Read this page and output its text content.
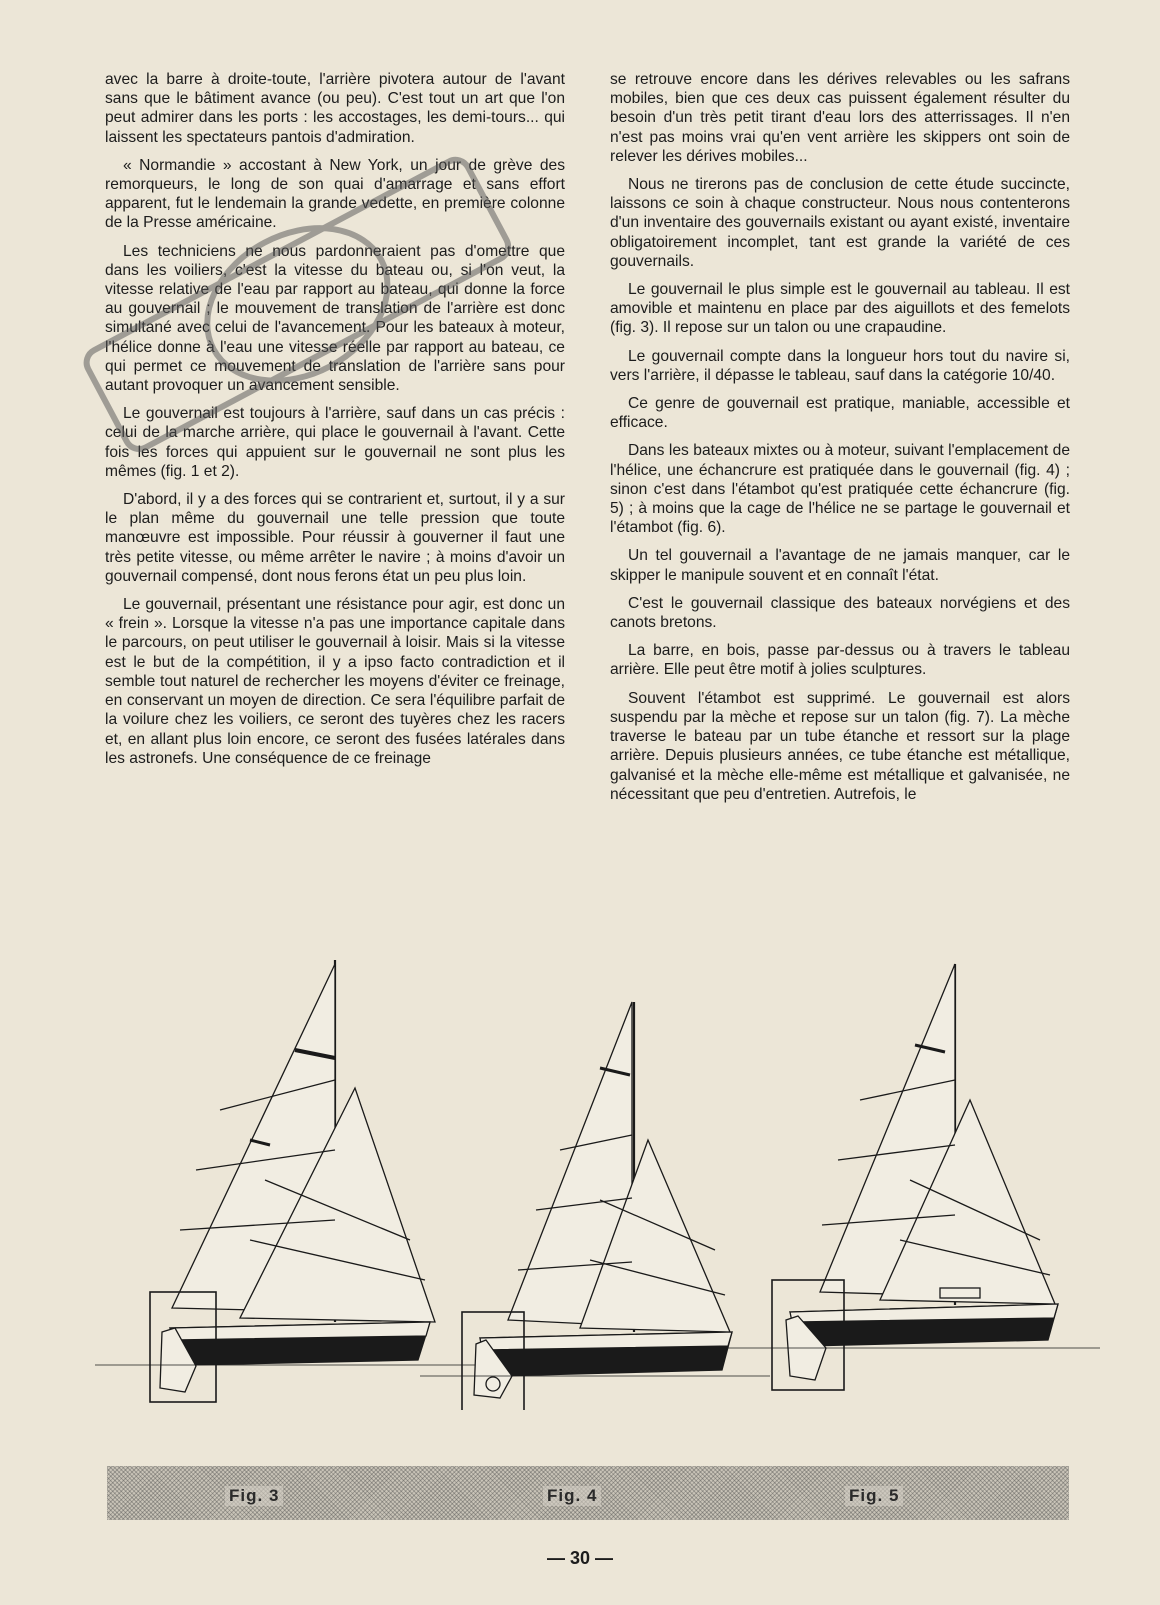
avec la barre à droite-toute, l'arrière pivotera autour de l'avant sans que le bâtiment avance (ou peu). C'est tout un art que l'on peut admirer dans les ports : les accostages, les demi-tours... qui laissent les spectateurs pantois d'admiration.

« Normandie » accostant à New York, un jour de grève des remorqueurs, le long de son quai d'amarrage et sans effort apparent, fut le lendemain la grande vedette, en première colonne de la Presse américaine.

Les techniciens ne nous pardonneraient pas d'omettre que dans les voiliers, c'est la vitesse du bateau ou, si l'on veut, la vitesse relative de l'eau par rapport au bateau, qui donne la force au gouvernail ; le mouvement de translation de l'arrière est donc simultané avec celui de l'avancement. Pour les bateaux à moteur, l'hélice donne à l'eau une vitesse réelle par rapport au bateau, ce qui permet ce mouvement de translation de l'arrière sans pour autant provoquer un avancement sensible.

Le gouvernail est toujours à l'arrière, sauf dans un cas précis : celui de la marche arrière, qui place le gouvernail à l'avant. Cette fois les forces qui appuient sur le gouvernail ne sont plus les mêmes (fig. 1 et 2).

D'abord, il y a des forces qui se contrarient et, surtout, il y a sur le plan même du gouvernail une telle pression que toute manœuvre est impossible. Pour réussir à gouverner il faut une très petite vitesse, ou même arrêter le navire ; à moins d'avoir un gouvernail compensé, dont nous ferons état un peu plus loin.

Le gouvernail, présentant une résistance pour agir, est donc un « frein ». Lorsque la vitesse n'a pas une importance capitale dans le parcours, on peut utiliser le gouvernail à loisir. Mais si la vitesse est le but de la compétition, il y a ipso facto contradiction et il semble tout naturel de rechercher les moyens d'éviter ce freinage, en conservant un moyen de direction. Ce sera l'équilibre parfait de la voilure chez les voiliers, ce seront des tuyères chez les racers et, en allant plus loin encore, ce seront des fusées latérales dans les astronefs. Une conséquence de ce freinage

se retrouve encore dans les dérives relevables ou les safrans mobiles, bien que ces deux cas puissent également résulter du besoin d'un très petit tirant d'eau lors des atterrissages. Il n'en n'est pas moins vrai qu'en vent arrière les skippers ont soin de relever les dérives mobiles...

Nous ne tirerons pas de conclusion de cette étude succincte, laissons ce soin à chaque constructeur. Nous nous contenterons d'un inventaire des gouvernails existant ou ayant existé, inventaire obligatoirement incomplet, tant est grande la variété de ces gouvernails.

Le gouvernail le plus simple est le gouvernail au tableau. Il est amovible et maintenu en place par des aiguillots et des femelots (fig. 3). Il repose sur un talon ou une crapaudine.

Le gouvernail compte dans la longueur hors tout du navire si, vers l'arrière, il dépasse le tableau, sauf dans la catégorie 10/40.

Ce genre de gouvernail est pratique, maniable, accessible et efficace.

Dans les bateaux mixtes ou à moteur, suivant l'emplacement de l'hélice, une échancrure est pratiquée dans le gouvernail (fig. 4) ; sinon c'est dans l'étambot qu'est pratiquée cette échancrure (fig. 5) ; à moins que la cage de l'hélice ne se partage le gouvernail et l'étambot (fig. 6).

Un tel gouvernail a l'avantage de ne jamais manquer, car le skipper le manipule souvent et en connaît l'état.

C'est le gouvernail classique des bateaux norvégiens et des canots bretons.

La barre, en bois, passe par-dessus ou à travers le tableau arrière. Elle peut être motif à jolies sculptures.

Souvent l'étambot est supprimé. Le gouvernail est alors suspendu par la mèche et repose sur un talon (fig. 7). La mèche traverse le bateau par un tube étanche et ressort sur la plage arrière. Depuis plusieurs années, ce tube étanche est métallique, galvanisé et la mèche elle-même est métallique et galvanisée, ne nécessitant que peu d'entretien. Autrefois, le

Fig. 3	Fig. 4	Fig. 5
— 30 —
